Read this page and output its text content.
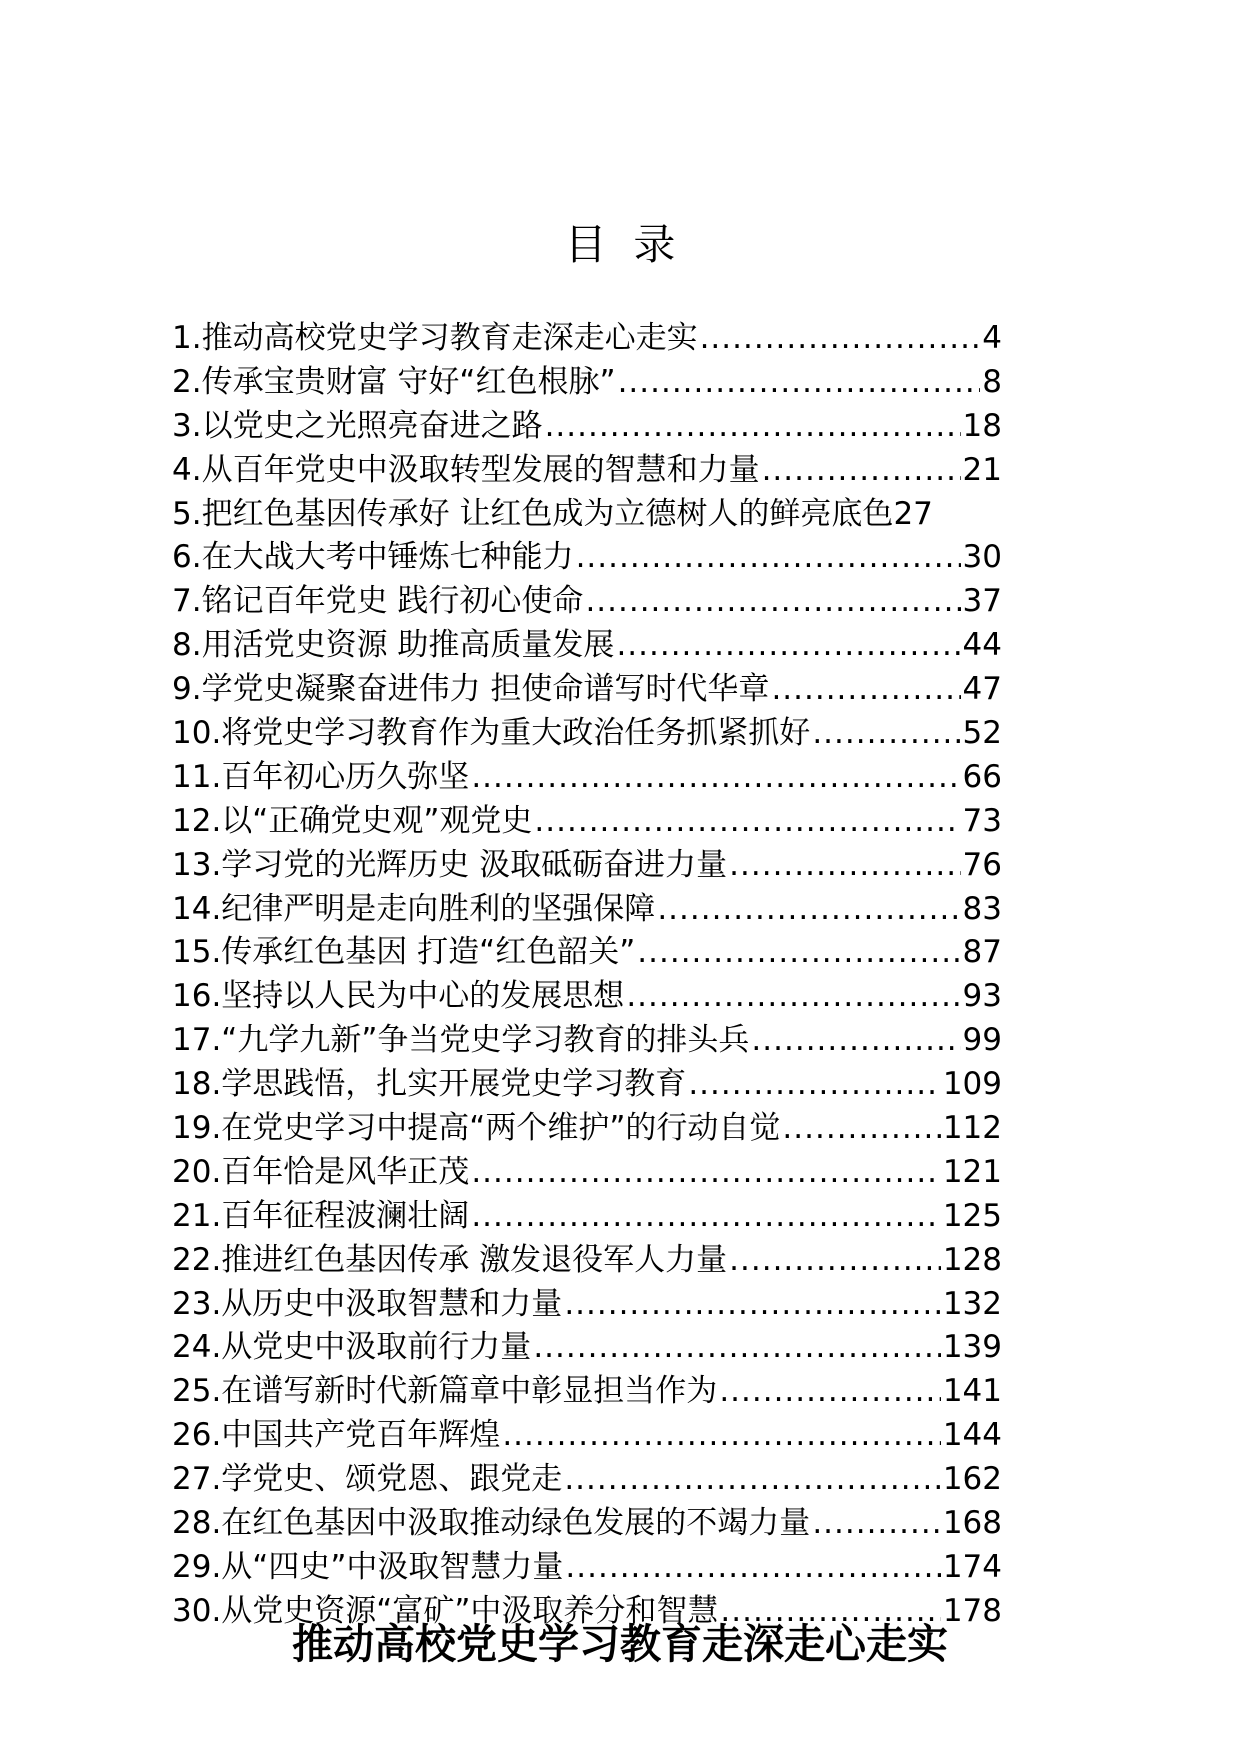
目  录
1.推动高校党史学习教育走深走心走实 .....	4
2.传承宝贵财富 守好“红色根脉” .....	8
3.以党史之光照亮奋进之路 .....	18
4.从百年党史中汲取转型发展的智慧和力量 .....	21
5.把红色基因传承好 让红色成为立德树人的鲜亮底色 27
6.在大战大考中锤炼七种能力 .....	30
7.铭记百年党史 践行初心使命 .....	37
8.用活党史资源 助推高质量发展 .....	44
9.学党史凝聚奋进伟力 担使命谱写时代华章 .....	47
10.将党史学习教育作为重大政治任务抓紧抓好 .....	52
11.百年初心历久弥坚 .....	66
12.以“正确党史观”观党史 .....	73
13.学习党的光辉历史 汲取砥砺奋进力量 .....	76
14.纪律严明是走向胜利的坚强保障 .....	83
15.传承红色基因 打造“红色韶关” .....	87
16.坚持以人民为中心的发展思想 .....	93
17.“九学九新”争当党史学习教育的排头兵 .....	99
18.学思践悟，扎实开展党史学习教育 .....	109
19.在党史学习中提高“两个维护”的行动自觉 .....	112
20.百年恰是风华正茂 .....	121
21.百年征程波澜壮阔 .....	125
22.推进红色基因传承 激发退役军人力量 .....	128
23.从历史中汲取智慧和力量 .....	132
24.从党史中汲取前行力量 .....	139
25.在谱写新时代新篇章中彰显担当作为 .....	141
26.中国共产党百年辉煌 .....	144
27.学党史、颂党恩、跟党走 .....	162
28.在红色基因中汲取推动绿色发展的不竭力量 .....	168
29.从“四史”中汲取智慧力量 .....	174
30.从党史资源“富矿”中汲取养分和智慧 .....	178
推动高校党史学习教育走深走心走实
